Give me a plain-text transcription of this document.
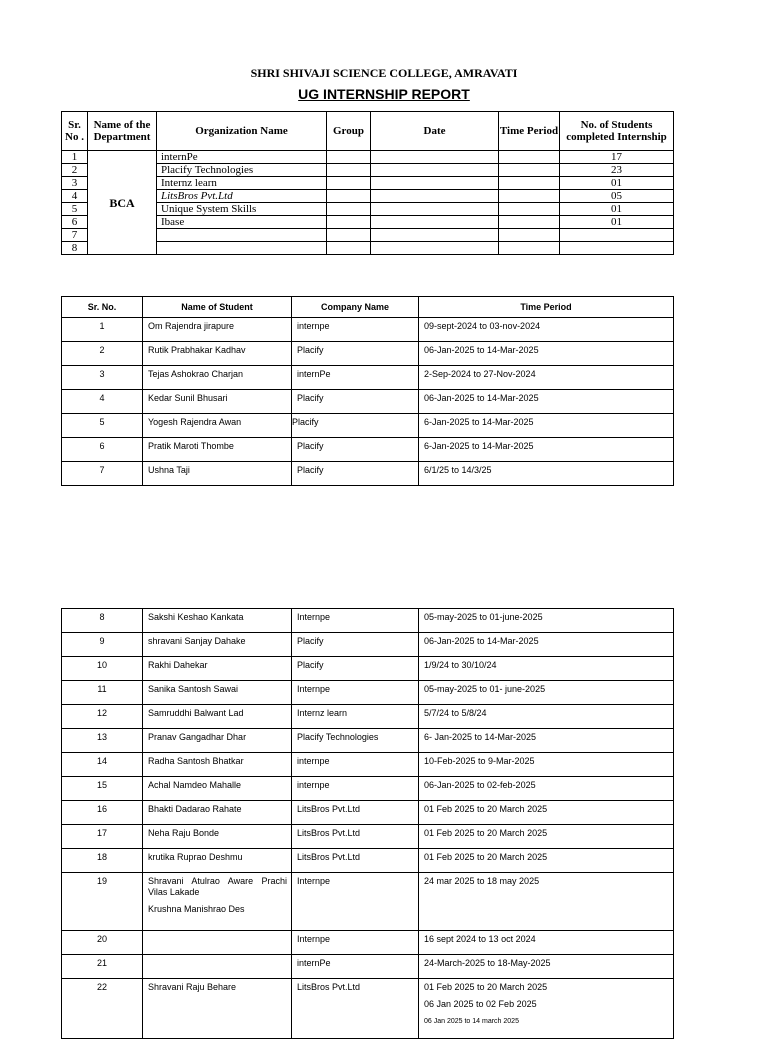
SHRI SHIVAJI SCIENCE COLLEGE, AMRAVATI
UG INTERNSHIP REPORT
Sr. No .	Name of the Department	Organization Name	Group	Date	Time Period	No. of Students completed Internship
1	BCA	internPe				17
2		Placify Technologies				23
3		Internz learn				01
4		LitsBros Pvt.Ltd				05
5		Unique System Skills				01
6		Ibase				01
7						
8						
Sr. No.	Name of Student	Company Name	Time Period
1	Om Rajendra jirapure	internpe	09-sept-2024 to 03-nov-2024
2	Rutik Prabhakar Kadhav	Placify	06-Jan-2025 to 14-Mar-2025
3	Tejas Ashokrao Charjan	internPe	2-Sep-2024 to 27-Nov-2024
4	Kedar Sunil Bhusari	Placify	06-Jan-2025 to 14-Mar-2025
5	Yogesh Rajendra Awan	Placify	6-Jan-2025 to 14-Mar-2025
6	Pratik Maroti Thombe	Placify	6-Jan-2025 to 14-Mar-2025
7	Ushna Taji	Placify	6/1/25 to 14/3/25
8	Sakshi Keshao Kankata	Internpe	05-may-2025 to 01-june-2025
9	shravani Sanjay Dahake	Placify	06-Jan-2025 to 14-Mar-2025
10	Rakhi Dahekar	Placify	1/9/24 to 30/10/24
11	Sanika Santosh Sawai	Internpe	05-may-2025 to 01- june-2025
12	Samruddhi Balwant Lad	Internz learn	5/7/24 to 5/8/24
13	Pranav Gangadhar Dhar	Placify Technologies	6- Jan-2025 to 14-Mar-2025
14	Radha Santosh Bhatkar	internpe	10-Feb-2025 to 9-Mar-2025
15	Achal Namdeo Mahalle	internpe	06-Jan-2025 to 02-feb-2025
16	Bhakti Dadarao Rahate	LitsBros Pvt.Ltd	01 Feb 2025 to 20 March 2025
17	Neha Raju Bonde	LitsBros Pvt.Ltd	01 Feb 2025 to 20 March 2025
18	krutika Ruprao Deshmu	LitsBros Pvt.Ltd	01 Feb 2025 to 20 March 2025
19	Shravani Atulrao Aware Prachi Vilas Lakade
Krushna Manishrao Des	Internpe	24 mar 2025 to 18 may 2025
20		Internpe	16 sept 2024 to 13 oct 2024
21		internPe	24-March-2025 to 18-May-2025
22	Shravani Raju Behare	LitsBros Pvt.Ltd	01 Feb 2025 to 20 March 2025
06 Jan 2025 to 02 Feb 2025
06 Jan 2025 to 14 march 2025
